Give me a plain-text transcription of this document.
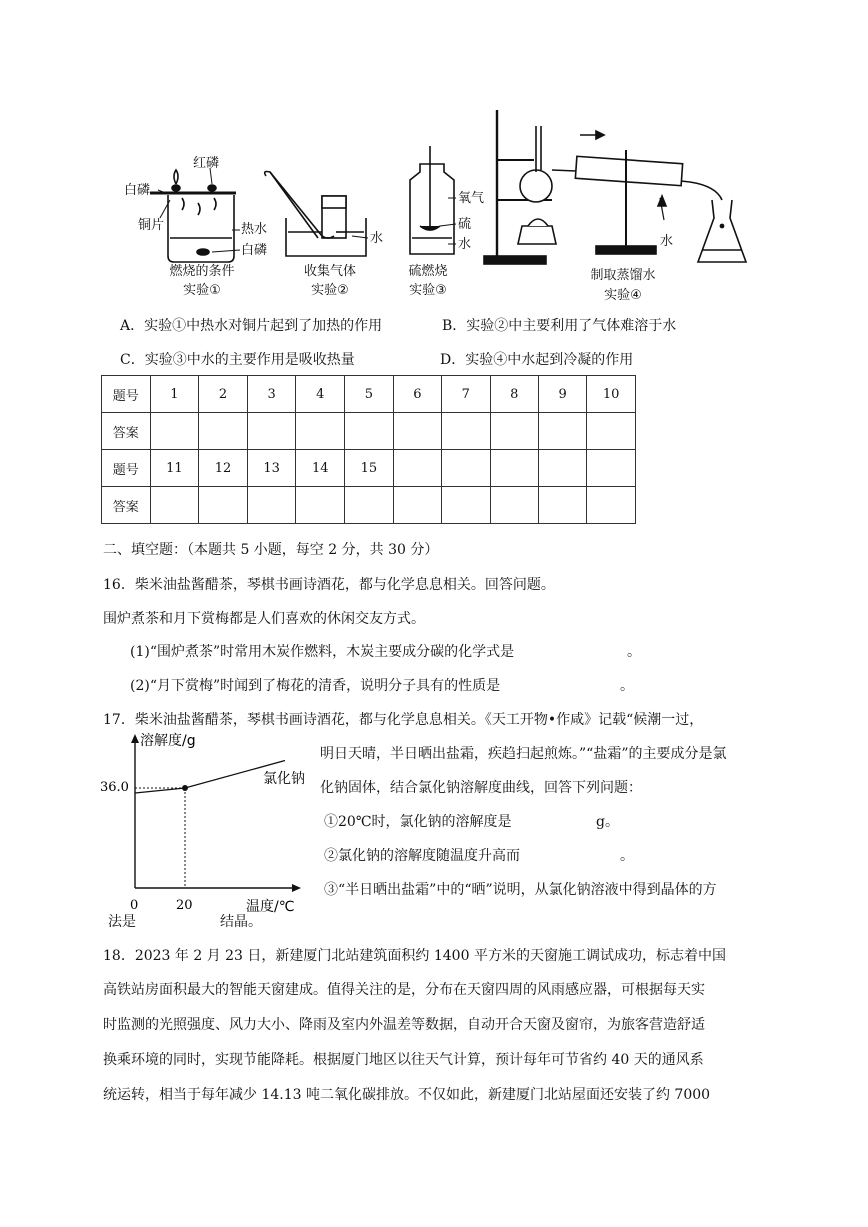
白磷
红磷
铜片	热水
白磷
燃烧的条件
实验①
水
收集气体
实验②
氧气
硫
水
硫燃烧
实验③
水
制取蒸馏水
实验④
A．实验①中热水对铜片起到了加热的作用	B．实验②中主要利用了气体难溶于水
C．实验③中水的主要作用是吸收热量	D．实验④中水起到冷凝的作用
题号	1	2	3	4	5	6	7	8	9	10
答案										
题号	11	12	13	14	15					
答案										
二、填空题：（本题共 5 小题，每空 2 分，共 30 分）
16．柴米油盐酱醋茶，琴棋书画诗酒花，都与化学息息相关。回答问题。
围炉煮茶和月下赏梅都是人们喜欢的休闲交友方式。
(1)“围炉煮茶”时常用木炭作燃料，木炭主要成分碳的化学式是	。
(2)“月下赏梅”时闻到了梅花的清香，说明分子具有的性质是	。
17．柴米油盐酱醋茶，琴棋书画诗酒花，都与化学息息相关。《天工开物•作咸》记载“候潮一过，
明日天晴，半日晒出盐霜，疾趋扫起煎炼。”“盐霜”的主要成分是氯
化钠固体，结合氯化钠溶解度曲线，回答下列问题：
①20℃时，氯化钠的溶解度是	g。
②氯化钠的溶解度随温度升高而	。
③“半日晒出盐霜”中的“晒”说明，从氯化钠溶液中得到晶体的方
法是	结晶。
溶解度/g
温度/℃
0	20
36.0
氯化钠
18．2023 年 2 月 23 日，新建厦门北站建筑面积约 1400 平方米的天窗施工调试成功，标志着中国
高铁站房面积最大的智能天窗建成。值得关注的是，分布在天窗四周的风雨感应器，可根据每天实
时监测的光照强度、风力大小、降雨及室内外温差等数据，自动开合天窗及窗帘，为旅客营造舒适
换乘环境的同时，实现节能降耗。根据厦门地区以往天气计算，预计每年可节省约 40 天的通风系
统运转，相当于每年减少 14.13 吨二氧化碳排放。不仅如此，新建厦门北站屋面还安装了约 7000
